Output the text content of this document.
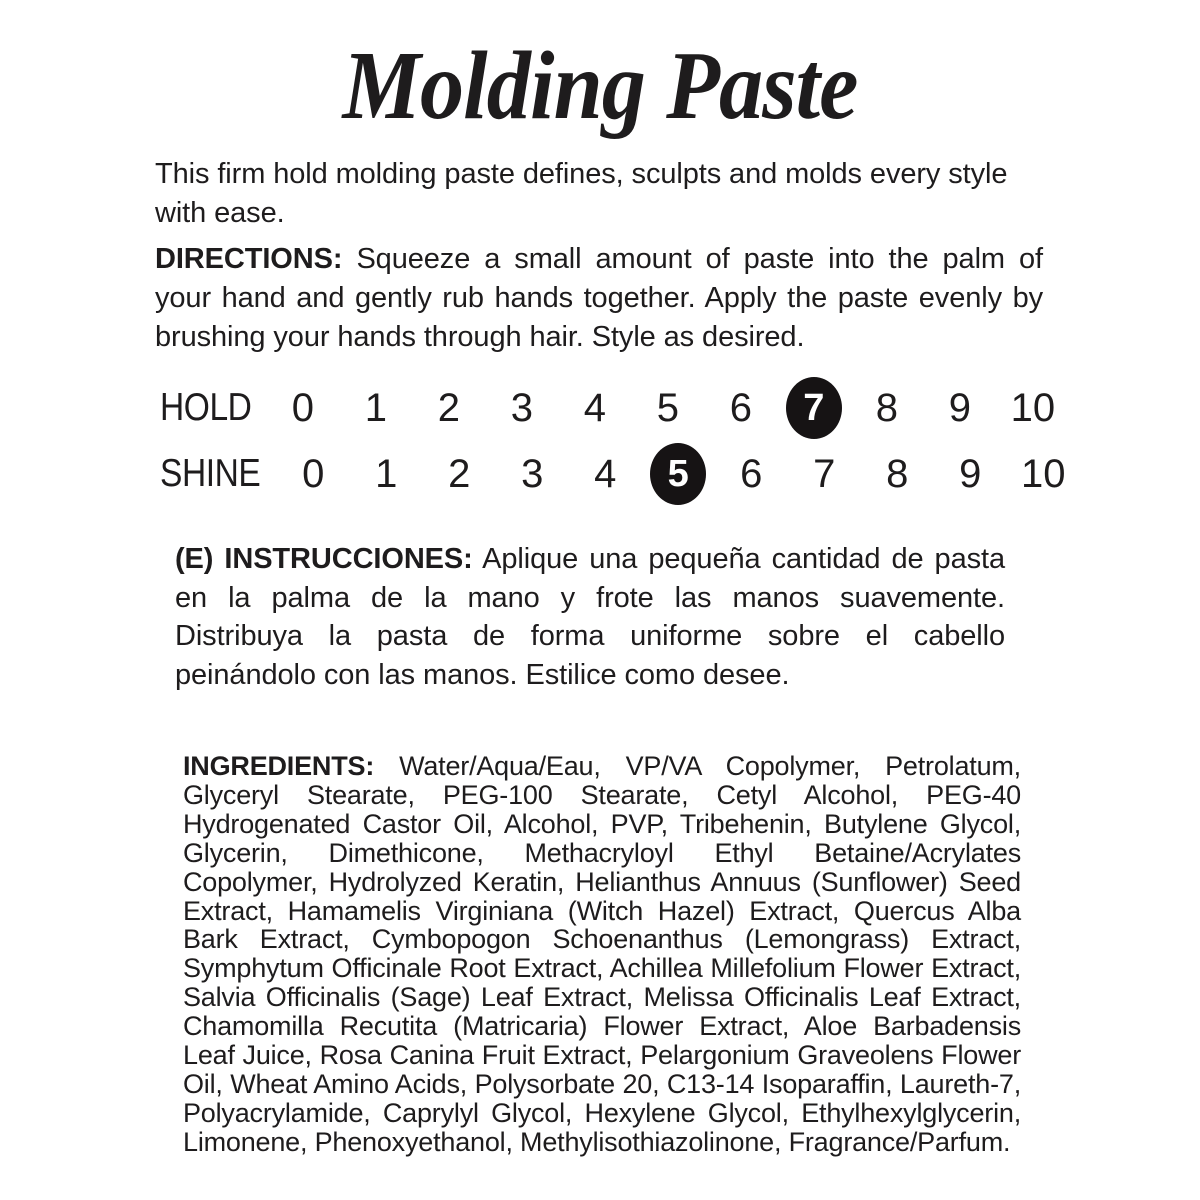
Molding Paste

This firm hold molding paste defines, sculpts and molds every style with ease.

DIRECTIONS: Squeeze a small amount of paste into the palm of your hand and gently rub hands together. Apply the paste evenly by brushing your hands through hair. Style as desired.

HOLD 0 1 2 3 4 5 6	7	8 9 10
SHINE 0 1 2 3 4	5	6 7 8 9 10

(E) INSTRUCCIONES: Aplique una pequeña cantidad de pasta en la palma de la mano y frote las manos suavemente. Distribuya la pasta de forma uniforme sobre el cabello peinándolo con las manos. Estilice como desee.

INGREDIENTS: Water/Aqua/Eau, VP/VA Copolymer, Petrolatum, Glyceryl Stearate, PEG-100 Stearate, Cetyl Alcohol, PEG-40 Hydrogenated Castor Oil, Alcohol, PVP, Tribehenin, Butylene Glycol, Glycerin, Dimethicone, Methacryloyl Ethyl Betaine/Acrylates Copolymer, Hydrolyzed Keratin, Helianthus Annuus (Sunflower) Seed Extract, Hamamelis Virginiana (Witch Hazel) Extract, Quercus Alba Bark Extract, Cymbopogon Schoenanthus (Lemongrass) Extract, Symphytum Officinale Root Extract, Achillea Millefolium Flower Extract, Salvia Officinalis (Sage) Leaf Extract, Melissa Officinalis Leaf Extract, Chamomilla Recutita (Matricaria) Flower Extract, Aloe Barbadensis Leaf Juice, Rosa Canina Fruit Extract, Pelargonium Graveolens Flower Oil, Wheat Amino Acids, Polysorbate 20, C13-14 Isoparaffin, Laureth-7, Polyacrylamide, Caprylyl Glycol, Hexylene Glycol, Ethylhexylglycerin, Limonene, Phenoxyethanol, Methylisothiazolinone, Fragrance/Parfum.
